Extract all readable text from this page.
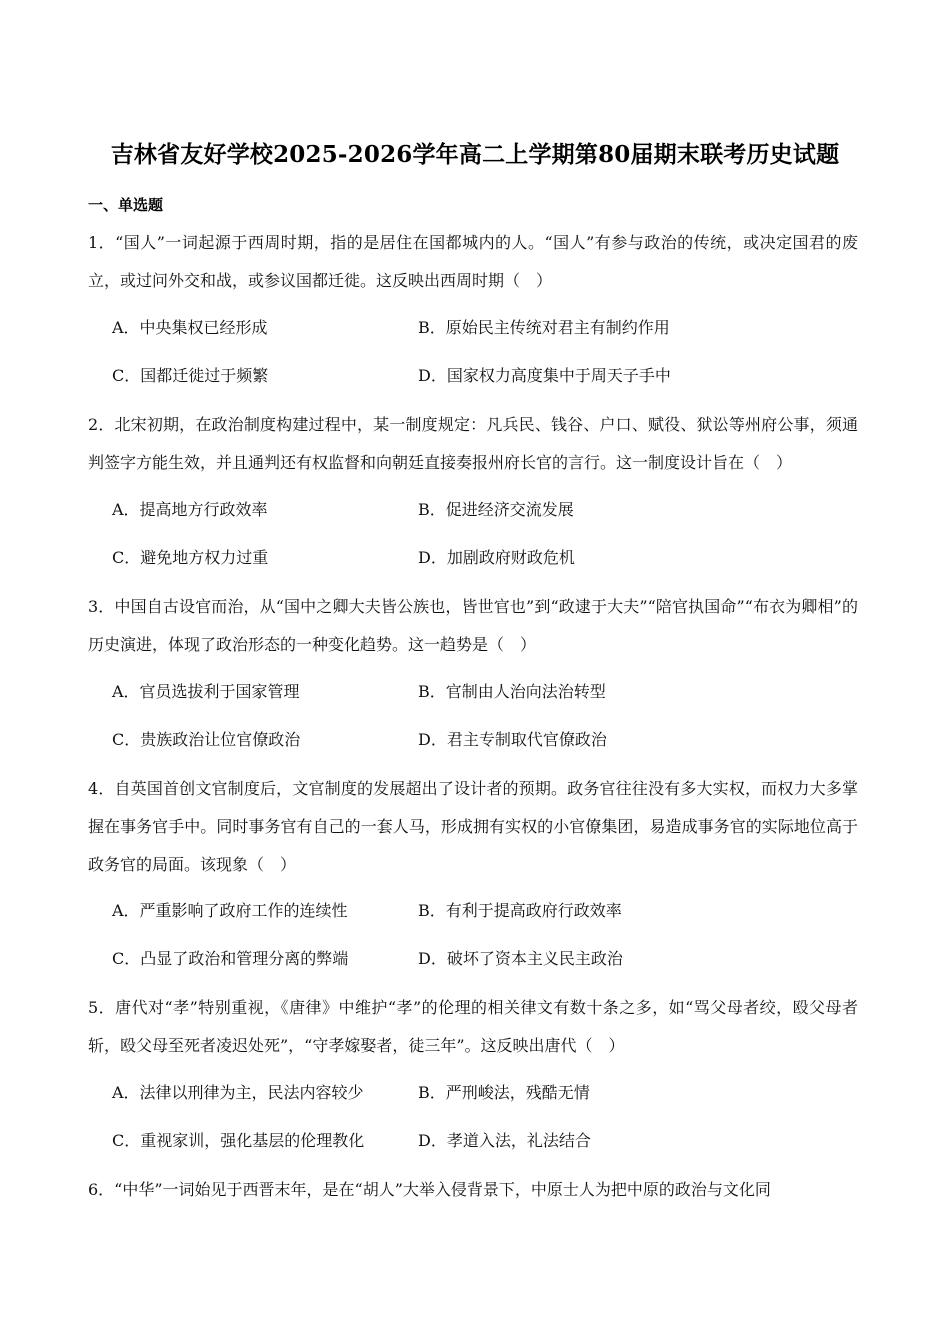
吉林省友好学校2025-2026学年高二上学期第80届期末联考历史试题
一、单选题
1．“国人”一词起源于西周时期，指的是居住在国都城内的人。“国人”有参与政治的传统，或决定国君的废立，或过问外交和战，或参议国都迁徙。这反映出西周时期（　）
A．中央集权已经形成	B．原始民主传统对君主有制约作用
C．国都迁徙过于频繁	D．国家权力高度集中于周天子手中
2．北宋初期，在政治制度构建过程中，某一制度规定：凡兵民、钱谷、户口、赋役、狱讼等州府公事，须通判签字方能生效，并且通判还有权监督和向朝廷直接奏报州府长官的言行。这一制度设计旨在（　）
A．提高地方行政效率	B．促进经济交流发展
C．避免地方权力过重	D．加剧政府财政危机
3．中国自古设官而治，从“国中之卿大夫皆公族也，皆世官也”到“政逮于大夫”“陪官执国命”“布衣为卿相”的历史演进，体现了政治形态的一种变化趋势。这一趋势是（　）
A．官员选拔利于国家管理	B．官制由人治向法治转型
C．贵族政治让位官僚政治	D．君主专制取代官僚政治
4．自英国首创文官制度后，文官制度的发展超出了设计者的预期。政务官往往没有多大实权，而权力大多掌握在事务官手中。同时事务官有自己的一套人马，形成拥有实权的小官僚集团，易造成事务官的实际地位高于政务官的局面。该现象（　）
A．严重影响了政府工作的连续性	B．有利于提高政府行政效率
C．凸显了政治和管理分离的弊端	D．破坏了资本主义民主政治
5．唐代对“孝”特别重视，《唐律》中维护“孝”的伦理的相关律文有数十条之多，如“骂父母者绞，殴父母者斩，殴父母至死者凌迟处死”，“守孝嫁娶者，徒三年”。这反映出唐代（　）
A．法律以刑律为主，民法内容较少	B．严刑峻法，残酷无情
C．重视家训，强化基层的伦理教化	D．孝道入法，礼法结合
6．“中华”一词始见于西晋末年，是在“胡人”大举入侵背景下，中原士人为把中原的政治与文化同
